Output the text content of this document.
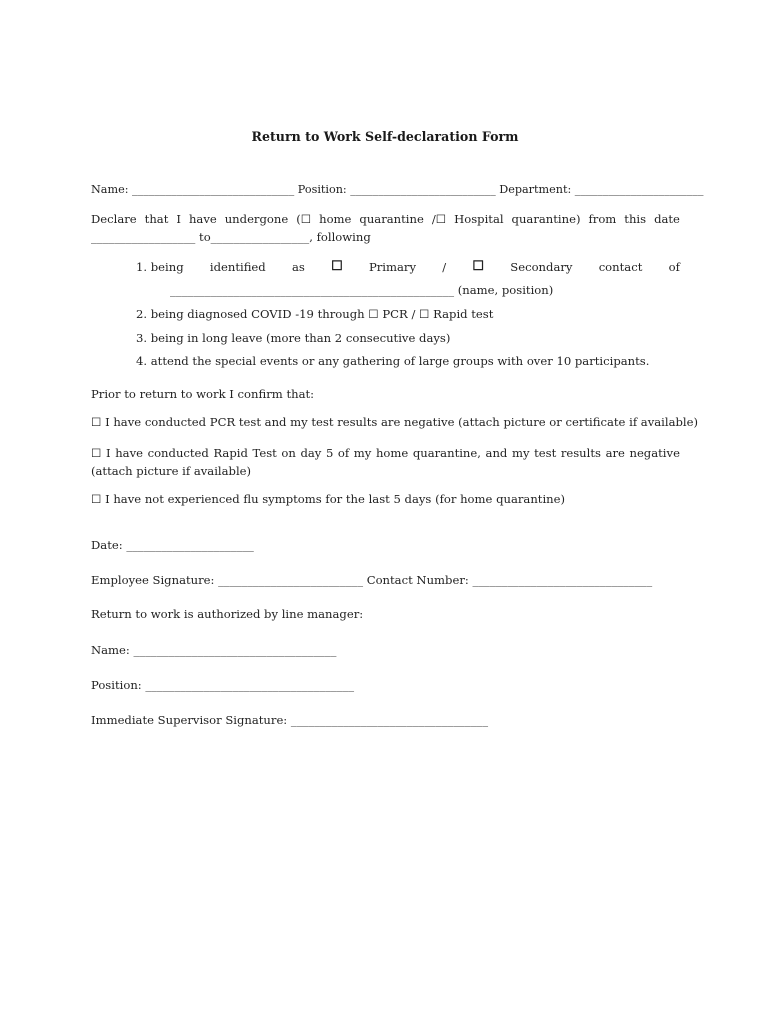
Return to Work Self-declaration Form
Name: _____________________________ Position: __________________________ Department: _______________________
Declare that I have undergone (☐ home quarantine /☐ Hospital quarantine) from this date
__________________ to_________________, following
1. being identified as ☐ Primary / ☐ Secondary contact of
_________________________________________________ (name, position)
2. being diagnosed COVID -19 through ☐ PCR / ☐ Rapid test
3. being in long leave (more than 2 consecutive days)
4. attend the special events or any gathering of large groups with over 10 participants.
Prior to return to work I confirm that:
☐ I have conducted PCR test and my test results are negative (attach picture or certificate if available)
☐ I have conducted Rapid Test on day 5 of my home quarantine, and my test results are negative
(attach picture if available)
☐ I have not experienced flu symptoms for the last 5 days (for home quarantine)
Date: ______________________
Employee Signature: _________________________ Contact Number: _______________________________
Return to work is authorized by line manager:
Name: ___________________________________
Position: ____________________________________
Immediate Supervisor Signature: __________________________________
